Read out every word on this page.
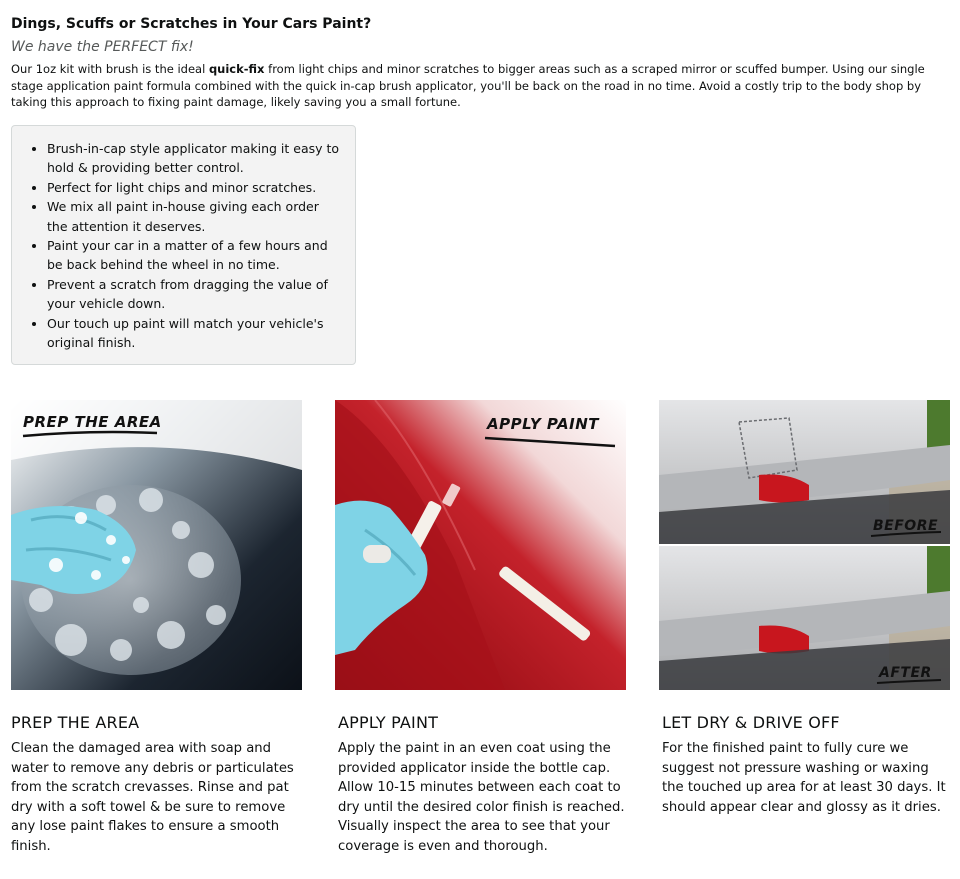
Dings, Scuffs or Scratches in Your Cars Paint?

We have the PERFECT fix!

Our 1oz kit with brush is the ideal quick-fix from light chips and minor scratches to bigger areas such as a scraped mirror or scuffed bumper. Using our single stage application paint formula combined with the quick in-cap brush applicator, you'll be back on the road in no time. Avoid a costly trip to the body shop by taking this approach to fixing paint damage, likely saving you a small fortune.

• Brush-in-cap style applicator making it easy to hold & providing better control.
• Perfect for light chips and minor scratches.
• We mix all paint in-house giving each order the attention it deserves.
• Paint your car in a matter of a few hours and be back behind the wheel in no time.
• Prevent a scratch from dragging the value of your vehicle down.
• Our touch up paint will match your vehicle's original finish.
PREP THE AREA	APPLY PAINT
BEFORE
AFTER
PREP THE AREA

Clean the damaged area with soap and water to remove any debris or particulates from the scratch crevasses. Rinse and pat dry with a soft towel & be sure to remove any lose paint flakes to ensure a smooth finish.

APPLY PAINT

Apply the paint in an even coat using the provided applicator inside the bottle cap. Allow 10-15 minutes between each coat to dry until the desired color finish is reached. Visually inspect the area to see that your coverage is even and thorough.

LET DRY & DRIVE OFF

For the finished paint to fully cure we suggest not pressure washing or waxing the touched up area for at least 30 days. It should appear clear and glossy as it dries.
